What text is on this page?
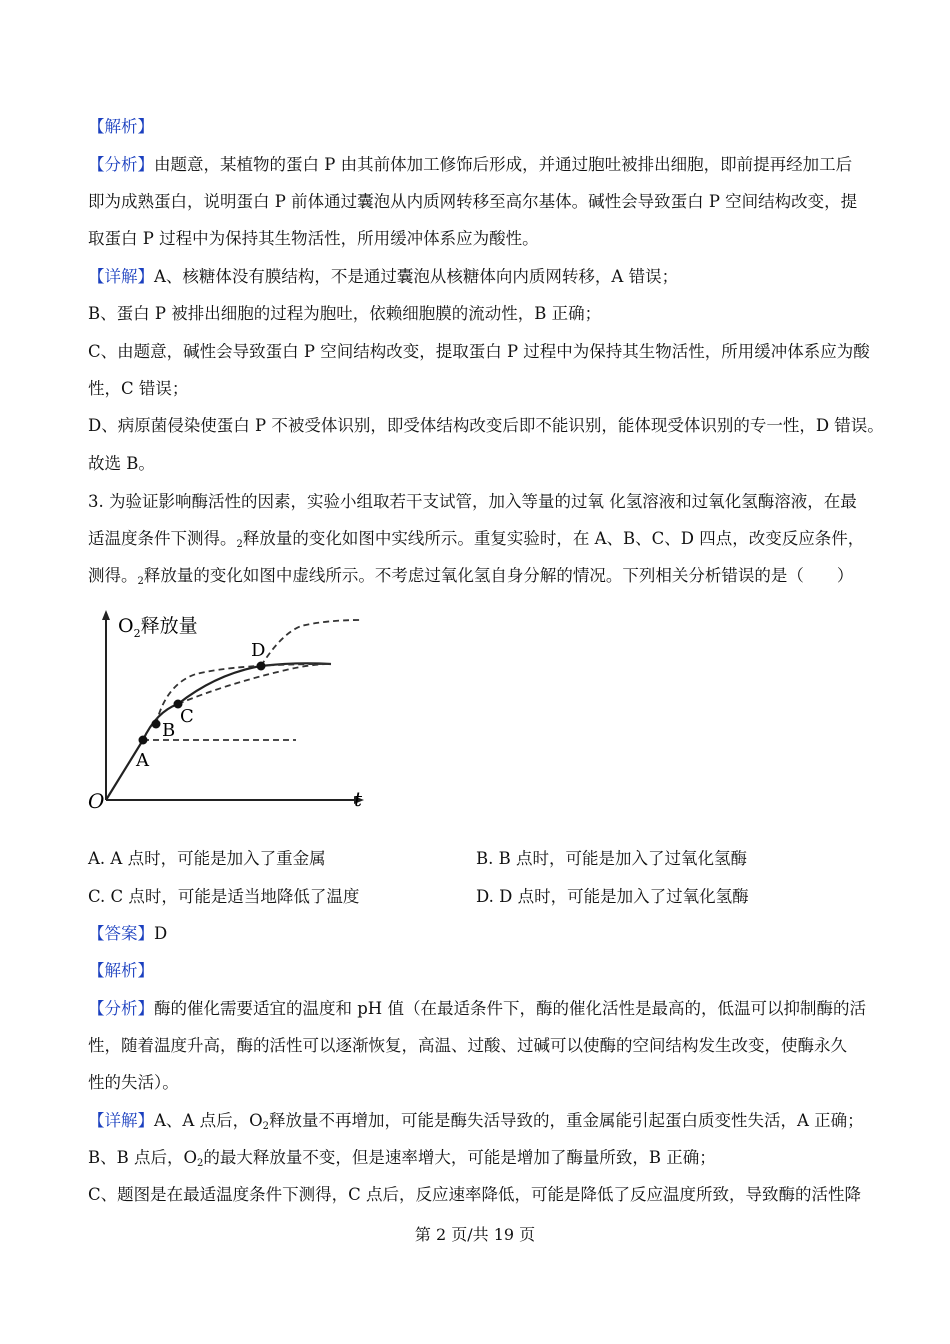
【解析】
【分析】由题意，某植物的蛋白 P 由其前体加工修饰后形成，并通过胞吐被排出细胞，即前提再经加工后
即为成熟蛋白，说明蛋白 P 前体通过囊泡从内质网转移至高尔基体。碱性会导致蛋白 P 空间结构改变，提
取蛋白 P 过程中为保持其生物活性，所用缓冲体系应为酸性。
【详解】A、核糖体没有膜结构，不是通过囊泡从核糖体向内质网转移，A 错误；
B、蛋白 P 被排出细胞的过程为胞吐，依赖细胞膜的流动性，B 正确；
C、由题意，碱性会导致蛋白 P 空间结构改变，提取蛋白 P 过程中为保持其生物活性，所用缓冲体系应为酸
性，C 错误；
D、病原菌侵染使蛋白 P 不被受体识别，即受体结构改变后即不能识别，能体现受体识别的专一性，D 错误。
故选 B。
3. 为验证影响酶活性的因素，实验小组取若干支试管，加入等量的过氧 化氢溶液和过氧化氢酶溶液，在最
适温度条件下测得。$_2$释放量的变化如图中实线所示。重复实验时，在 A、B、C、D 四点，改变反应条件，
测得。$_2$释放量的变化如图中虚线所示。不考虑过氧化氢自身分解的情况。下列相关分析错误的是（　　）
$O_2$释放量
O	t
A
B
C
D
A. A 点时，可能是加入了重金属	B. B 点时，可能是加入了过氧化氢酶
C. C 点时，可能是适当地降低了温度	D. D 点时，可能是加入了过氧化氢酶
【答案】D
【解析】
【分析】酶的催化需要适宜的温度和 pH 值（在最适条件下，酶的催化活性是最高的，低温可以抑制酶的活
性，随着温度升高，酶的活性可以逐渐恢复，高温、过酸、过碱可以使酶的空间结构发生改变，使酶永久
性的失活）。
【详解】A、A 点后，$O_2$释放量不再增加，可能是酶失活导致的，重金属能引起蛋白质变性失活，A 正确；
B、B 点后，$O_2$的最大释放量不变，但是速率增大，可能是增加了酶量所致，B 正确；
C、题图是在最适温度条件下测得，C 点后，反应速率降低，可能是降低了反应温度所致，导致酶的活性降
第 2 页/共 19 页
